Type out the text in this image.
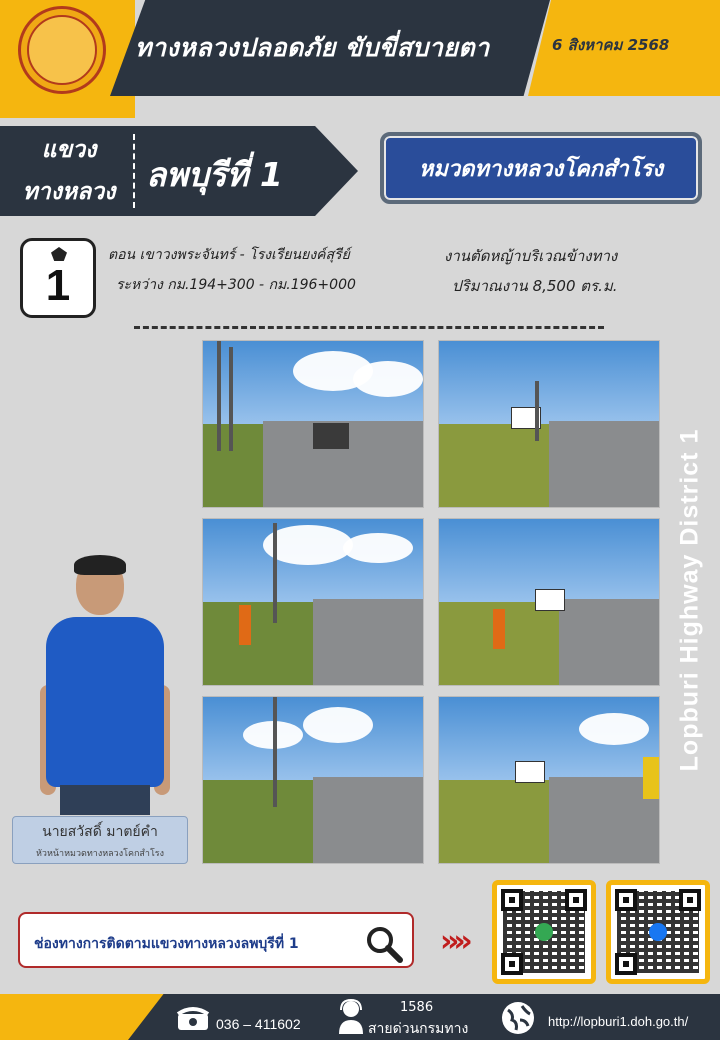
ทางหลวงปลอดภัย ขับขี่สบายตา	6 สิงหาคม 2568
แขวง
ทางหลวง ลพบุรีที่ 1	หมวดทางหลวงโคกสำโรง
1
ตอน เขาวงพระจันทร์ - โรงเรียนยงค์สุรีย์
ระหว่าง กม.194+300 - กม.196+000
งานตัดหญ้าบริเวณข้างทาง
ปริมาณงาน 8,500 ตร.ม.
นายสวัสดิ์ มาตย์คำ
หัวหน้าหมวดทางหลวงโคกสำโรง
Lopburi Highway District 1
ช่องทางการติดตามแขวงทางหลวงลพบุรีที่ 1	»»
036 – 411602
1586
สายด่วนกรมทาง	http://lopburi1.doh.go.th/
